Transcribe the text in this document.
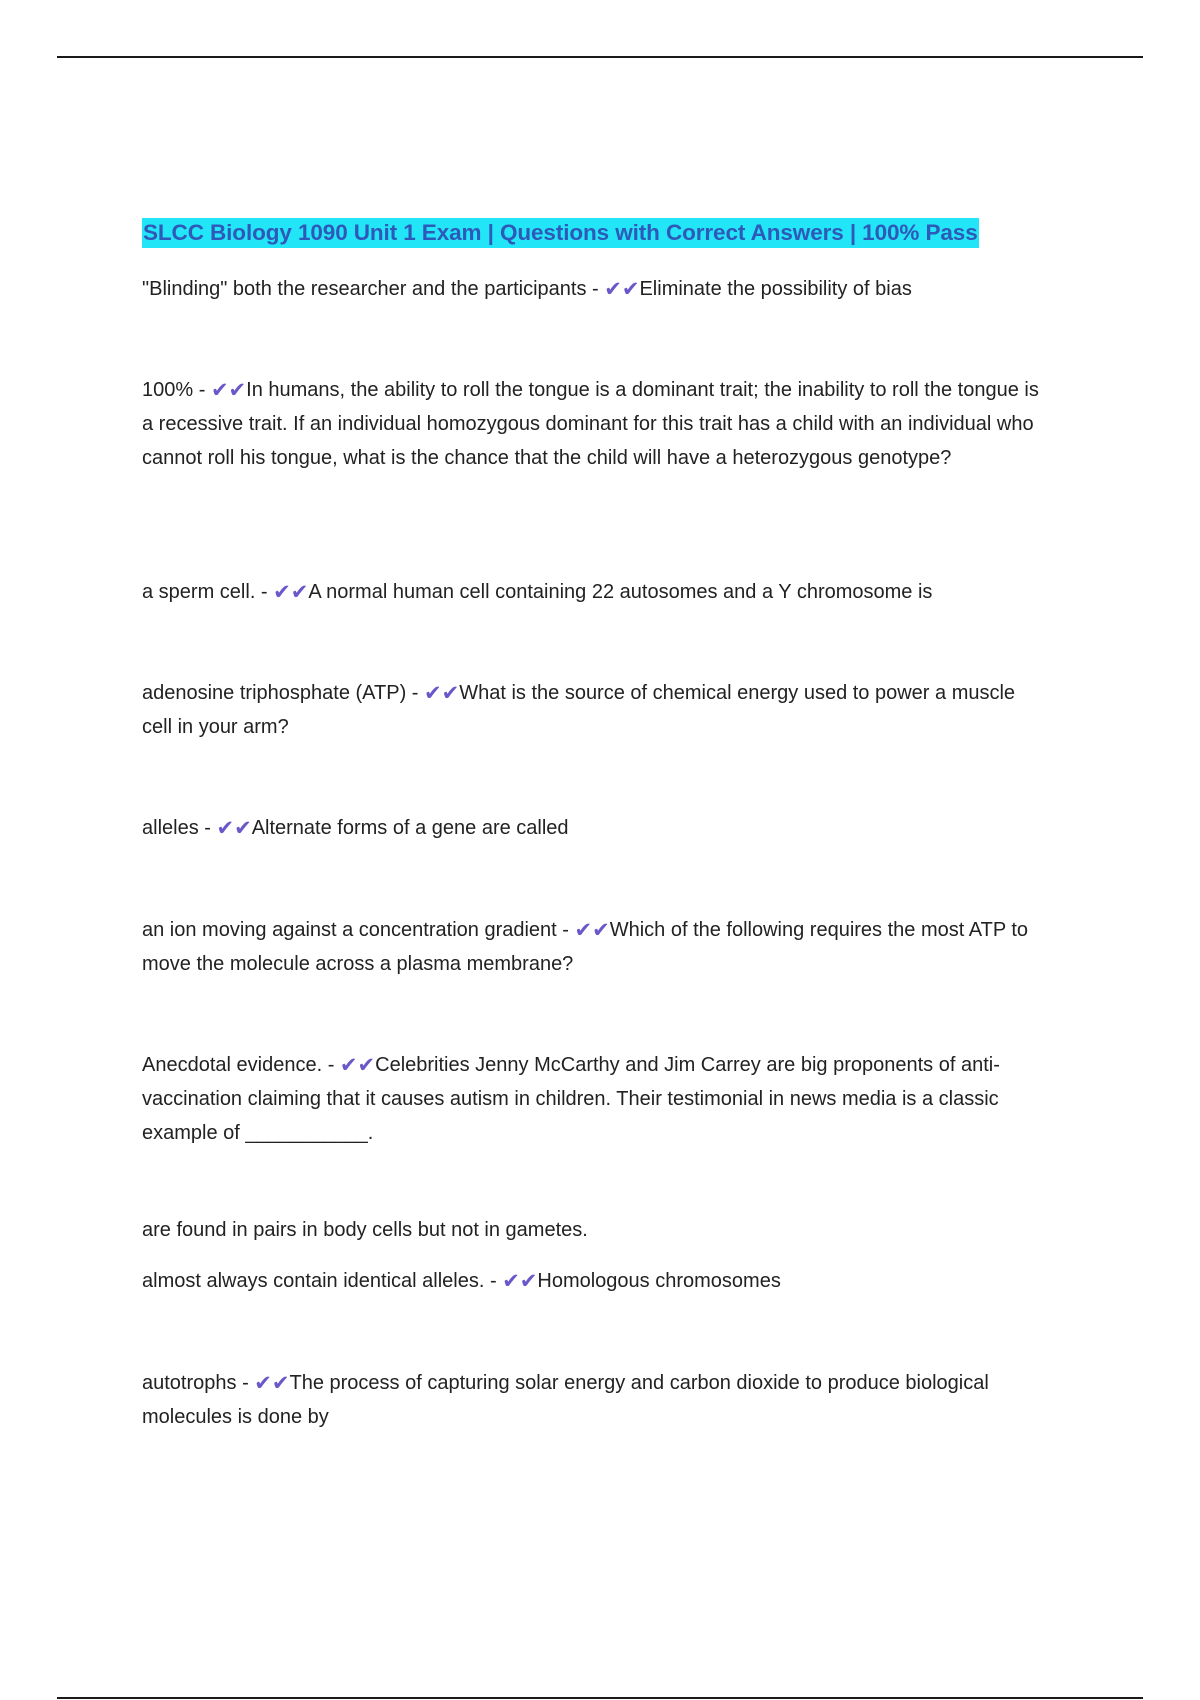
SLCC Biology 1090 Unit 1 Exam | Questions with Correct Answers | 100% Pass

"Blinding" both the researcher and the participants - ✔✔Eliminate the possibility of bias

100% - ✔✔In humans, the ability to roll the tongue is a dominant trait; the inability to roll the tongue is a recessive trait. If an individual homozygous dominant for this trait has a child with an individual who cannot roll his tongue, what is the chance that the child will have a heterozygous genotype?

a sperm cell. - ✔✔A normal human cell containing 22 autosomes and a Y chromosome is

adenosine triphosphate (ATP) - ✔✔What is the source of chemical energy used to power a muscle cell in your arm?

alleles - ✔✔Alternate forms of a gene are called

an ion moving against a concentration gradient - ✔✔Which of the following requires the most ATP to move the molecule across a plasma membrane?

Anecdotal evidence. - ✔✔Celebrities Jenny McCarthy and Jim Carrey are big proponents of anti-vaccination claiming that it causes autism in children. Their testimonial in news media is a classic example of ___________.

are found in pairs in body cells but not in gametes.

almost always contain identical alleles. - ✔✔Homologous chromosomes

autotrophs - ✔✔The process of capturing solar energy and carbon dioxide to produce biological molecules is done by
